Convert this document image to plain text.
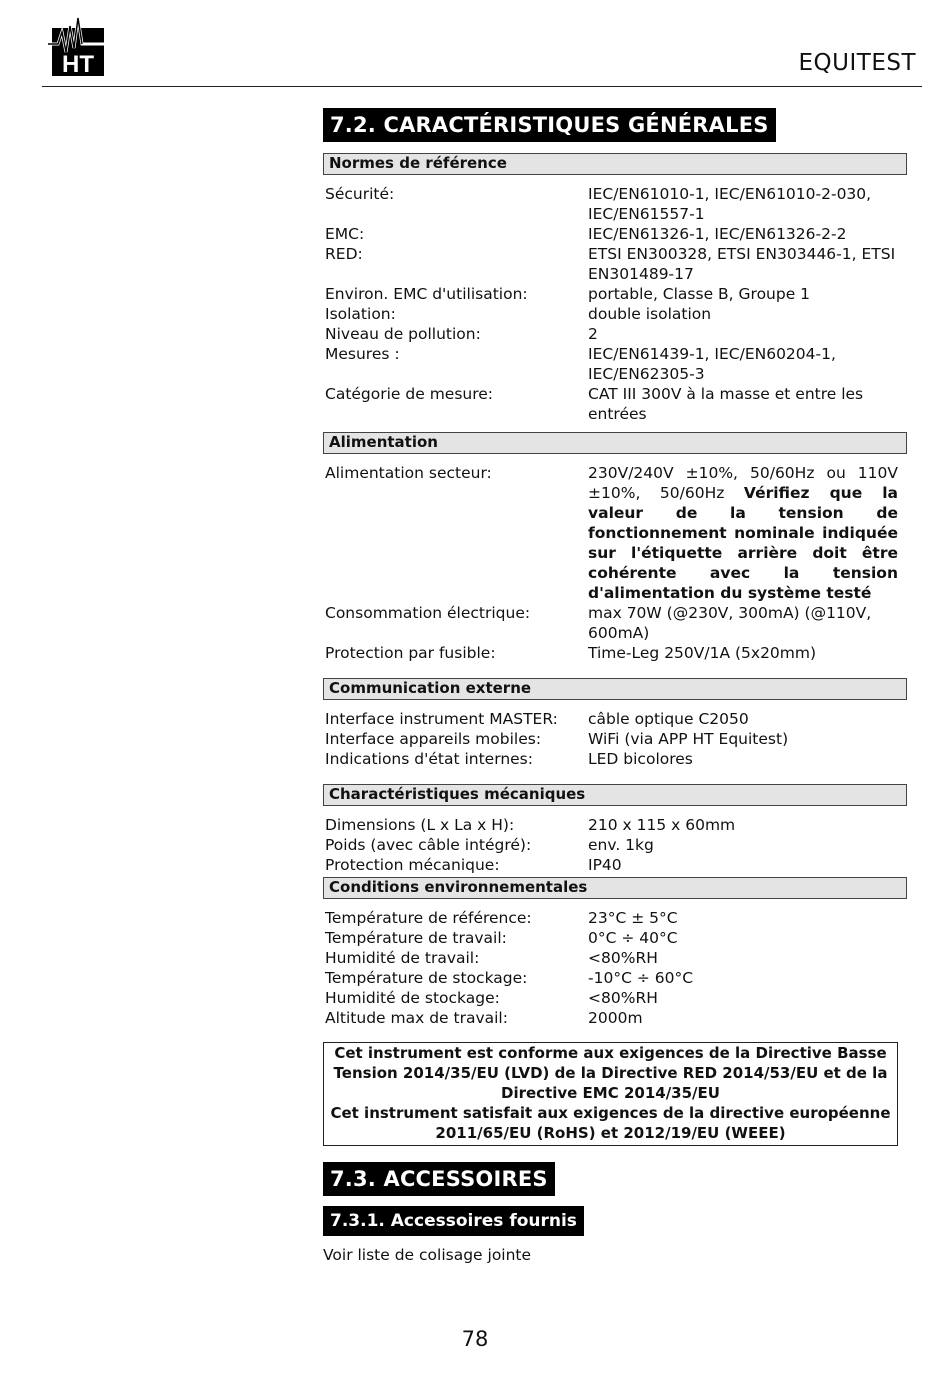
HT	EQUITEST
7.2. CARACTÉRISTIQUES GÉNÉRALES
Normes de référence
Sécurité:	IEC/EN61010-1, IEC/EN61010-2-030, IEC/EN61557-1
EMC:	IEC/EN61326-1, IEC/EN61326-2-2
RED:	ETSI EN300328, ETSI EN303446-1, ETSI EN301489-17
Environ. EMC d'utilisation:	portable, Classe B, Groupe 1
Isolation:	double isolation
Niveau de pollution:	2
Mesures :	IEC/EN61439-1, IEC/EN60204-1, IEC/EN62305-3
Catégorie de mesure:	CAT III 300V à la masse et entre les entrées
Alimentation
Alimentation secteur:	230V/240V ±10%, 50/60Hz ou 110V ±10%, 50/60Hz Vérifiez que la valeur de la tension de fonctionnement nominale indiquée sur l'étiquette arrière doit être cohérente avec la tension d'alimentation du système testé
Consommation électrique:	max 70W (@230V, 300mA) (@110V, 600mA)
Protection par fusible:	Time-Leg 250V/1A (5x20mm)
Communication externe
Interface instrument MASTER:	câble optique C2050
Interface appareils mobiles:	WiFi (via APP HT Equitest)
Indications d'état internes:	LED bicolores
Charactéristiques mécaniques
Dimensions (L x La x H):	210 x 115 x 60mm
Poids (avec câble intégré):	env. 1kg
Protection mécanique:	IP40
Conditions environnementales
Température de référence:	23°C ± 5°C
Température de travail:	0°C ÷ 40°C
Humidité de travail:	<80%RH
Température de stockage:	-10°C ÷ 60°C
Humidité de stockage:	<80%RH
Altitude max de travail:	2000m
Cet instrument est conforme aux exigences de la Directive Basse Tension 2014/35/EU (LVD) de la Directive RED 2014/53/EU et de la Directive EMC 2014/35/EU
Cet instrument satisfait aux exigences de la directive européenne 2011/65/EU (RoHS) et 2012/19/EU (WEEE)
7.3. ACCESSOIRES
7.3.1. Accessoires fournis
Voir liste de colisage jointe
78
